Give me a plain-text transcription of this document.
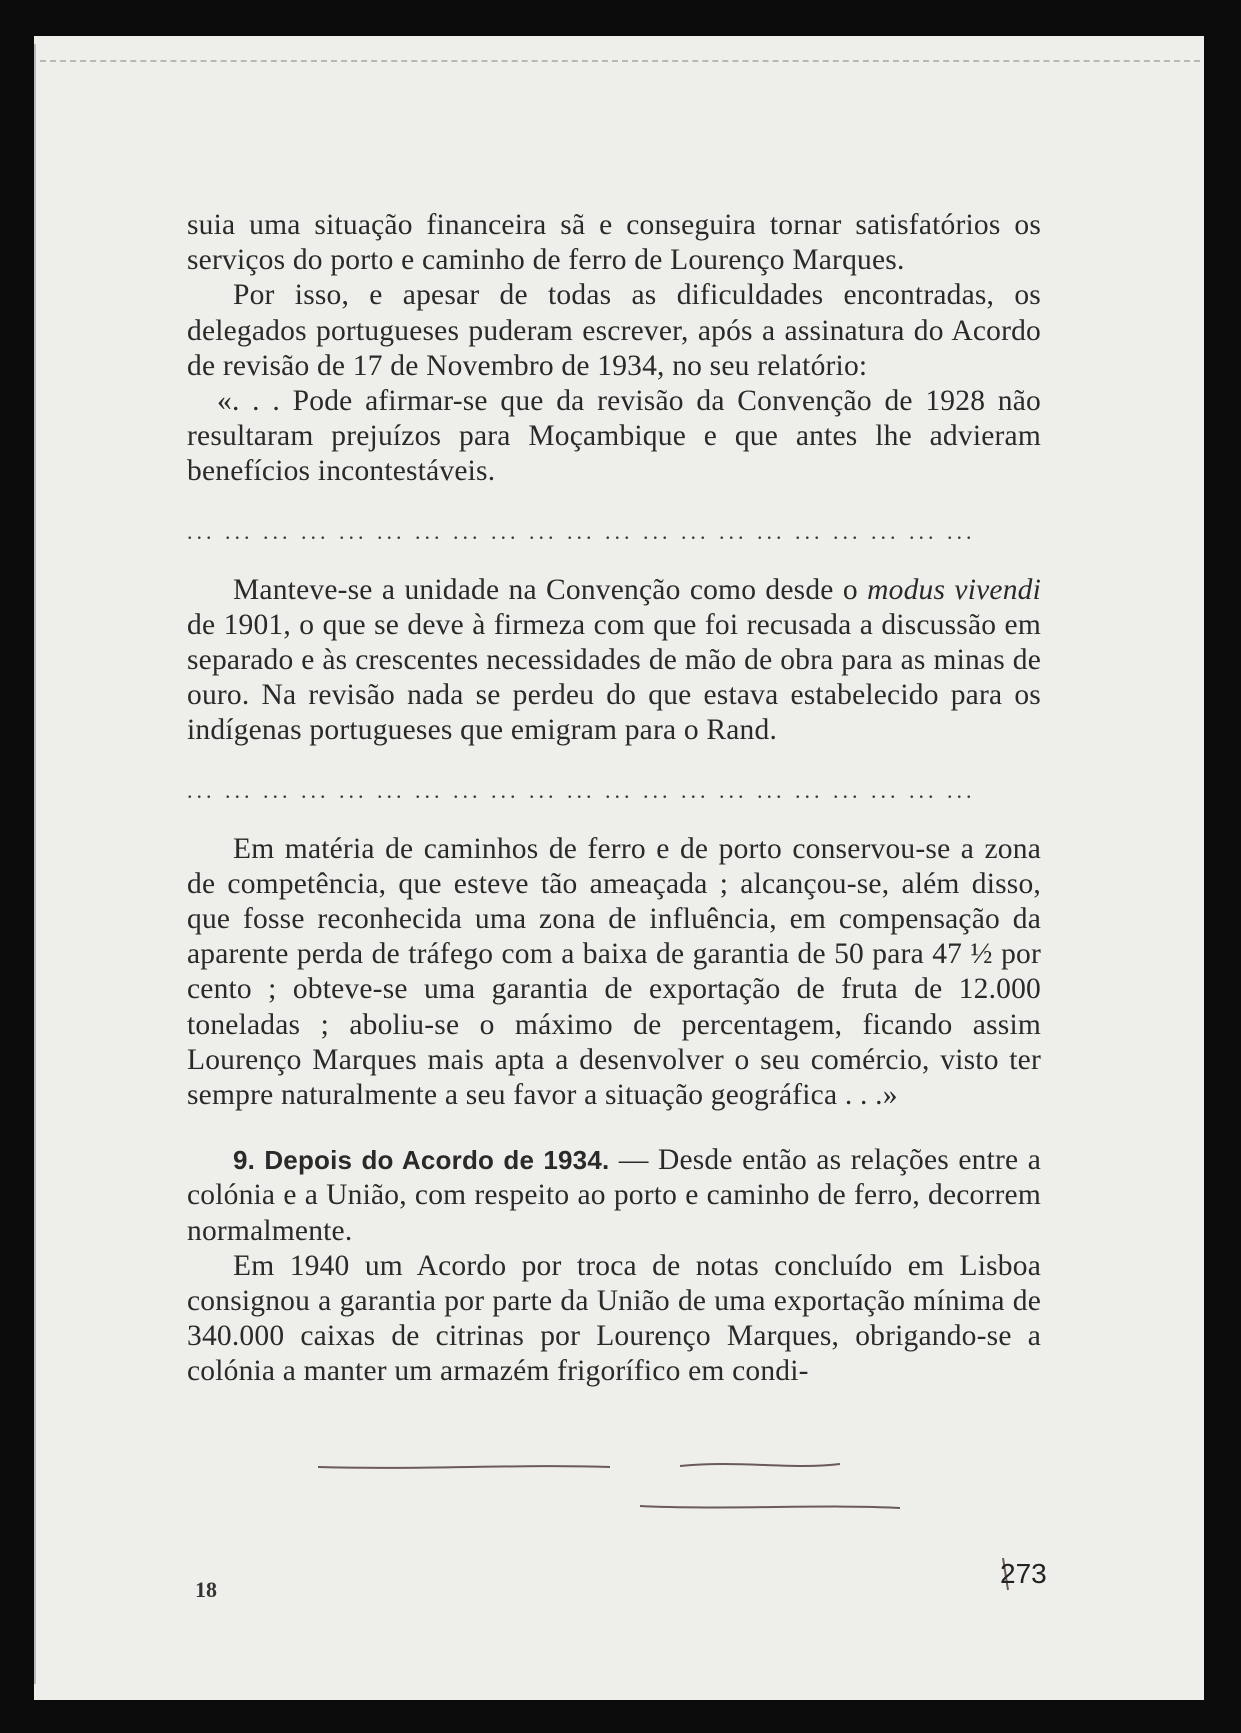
suia uma situação financeira sã e conseguira tornar satisfatórios os serviços do porto e caminho de ferro de Lourenço Marques.

Por isso, e apesar de todas as dificuldades encontradas, os delegados portugueses puderam escrever, após a assinatura do Acordo de revisão de 17 de Novembro de 1934, no seu relatório:

«. . . Pode afirmar-se que da revisão da Convenção de 1928 não resultaram prejuízos para Moçambique e que antes lhe advieram benefícios incontestáveis.

... ... ... ... ... ... ... ... ... ... ... ... ... ... ... ... ... ... ... ... ...

Manteve-se a unidade na Convenção como desde o modus vivendi de 1901, o que se deve à firmeza com que foi recusada a discussão em separado e às crescentes necessidades de mão de obra para as minas de ouro. Na revisão nada se perdeu do que estava estabelecido para os indígenas portugueses que emigram para o Rand.

... ... ... ... ... ... ... ... ... ... ... ... ... ... ... ... ... ... ... ... ...

Em matéria de caminhos de ferro e de porto conservou-se a zona de competência, que esteve tão ameaçada ; alcançou-se, além disso, que fosse reconhecida uma zona de influência, em compensação da aparente perda de tráfego com a baixa de garantia de 50 para 47 ½ por cento ; obteve-se uma garantia de exportação de fruta de 12.000 toneladas ; aboliu-se o máximo de percentagem, ficando assim Lourenço Marques mais apta a desenvolver o seu comércio, visto ter sempre naturalmente a seu favor a situação geográfica . . .»

9. Depois do Acordo de 1934. — Desde então as relações entre a colónia e a União, com respeito ao porto e caminho de ferro, decorrem normalmente.

Em 1940 um Acordo por troca de notas concluído em Lisboa consignou a garantia por parte da União de uma exportação mínima de 340.000 caixas de citrinas por Lourenço Marques, obrigando-se a colónia a manter um armazém frigorífico em condi-

18
273
